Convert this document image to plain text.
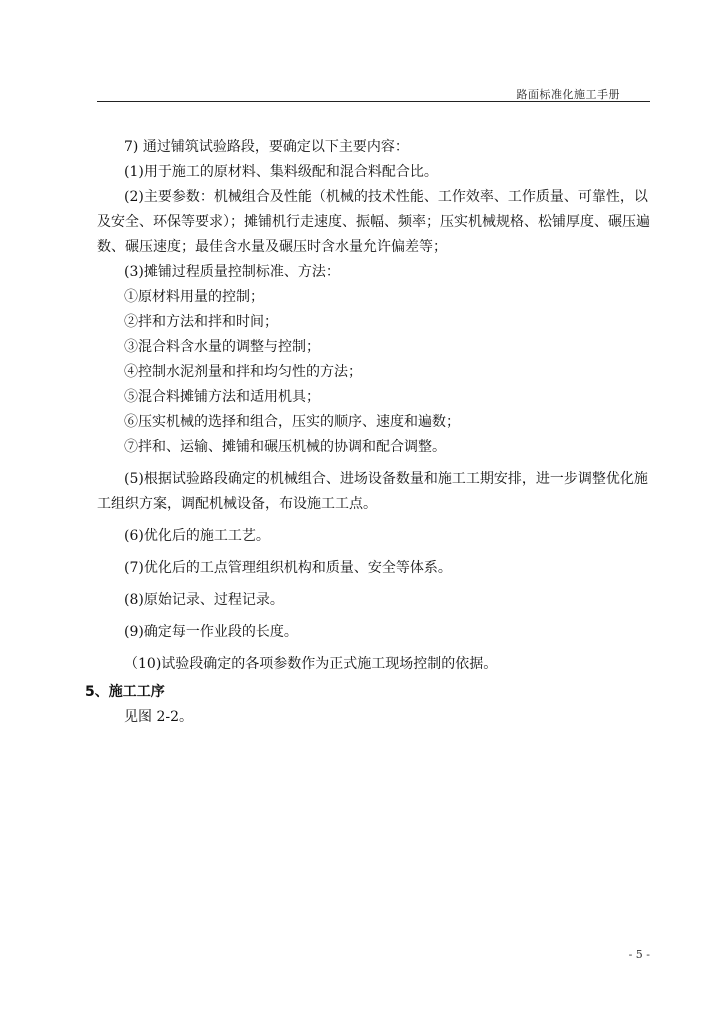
路面标准化施工手册

7) 通过铺筑试验路段，要确定以下主要内容：

(1)用于施工的原材料、集料级配和混合料配合比。

(2)主要参数：机械组合及性能（机械的技术性能、工作效率、工作质量、可靠性，以及安全、环保等要求）；摊铺机行走速度、振幅、频率；压实机械规格、松铺厚度、碾压遍数、碾压速度；最佳含水量及碾压时含水量允许偏差等；

(3)摊铺过程质量控制标准、方法：

①原材料用量的控制；

②拌和方法和拌和时间；

③混合料含水量的调整与控制；

④控制水泥剂量和拌和均匀性的方法；

⑤混合料摊铺方法和适用机具；

⑥压实机械的选择和组合，压实的顺序、速度和遍数；

⑦拌和、运输、摊铺和碾压机械的协调和配合调整。

(5)根据试验路段确定的机械组合、进场设备数量和施工工期安排，进一步调整优化施工组织方案，调配机械设备，布设施工工点。

(6)优化后的施工工艺。

(7)优化后的工点管理组织机构和质量、安全等体系。

(8)原始记录、过程记录。

(9)确定每一作业段的长度。

（10)试验段确定的各项参数作为正式施工现场控制的依据。

5、施工工序

见图 2-2。

- 5 -
